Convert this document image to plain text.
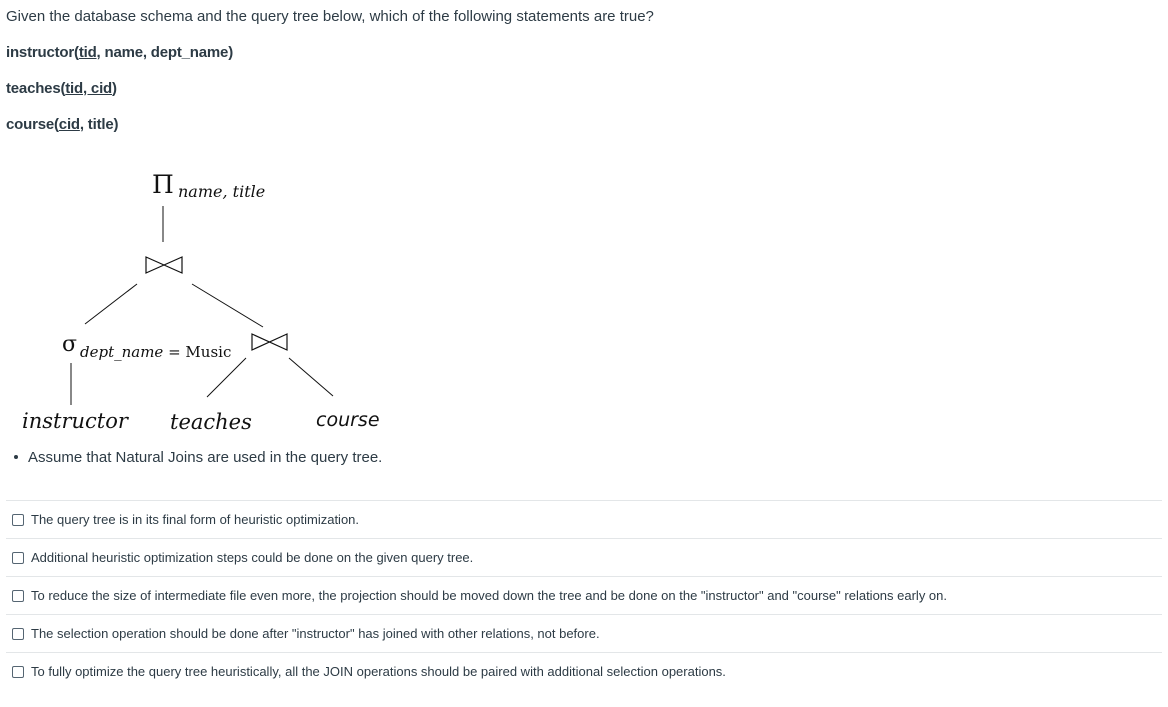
Given the database schema and the query tree below, which of the following statements are true?
instructor(tid, name, dept_name)
teaches(tid, cid)
course(cid, title)
Π name, title
σ dept_name = Music
instructor teaches	course
Assume that Natural Joins are used in the query tree.
The query tree is in its final form of heuristic optimization.
Additional heuristic optimization steps could be done on the given query tree.
To reduce the size of intermediate file even more, the projection should be moved down the tree and be done on the "instructor" and "course" relations early on.
The selection operation should be done after "instructor" has joined with other relations, not before.
To fully optimize the query tree heuristically, all the JOIN operations should be paired with additional selection operations.
